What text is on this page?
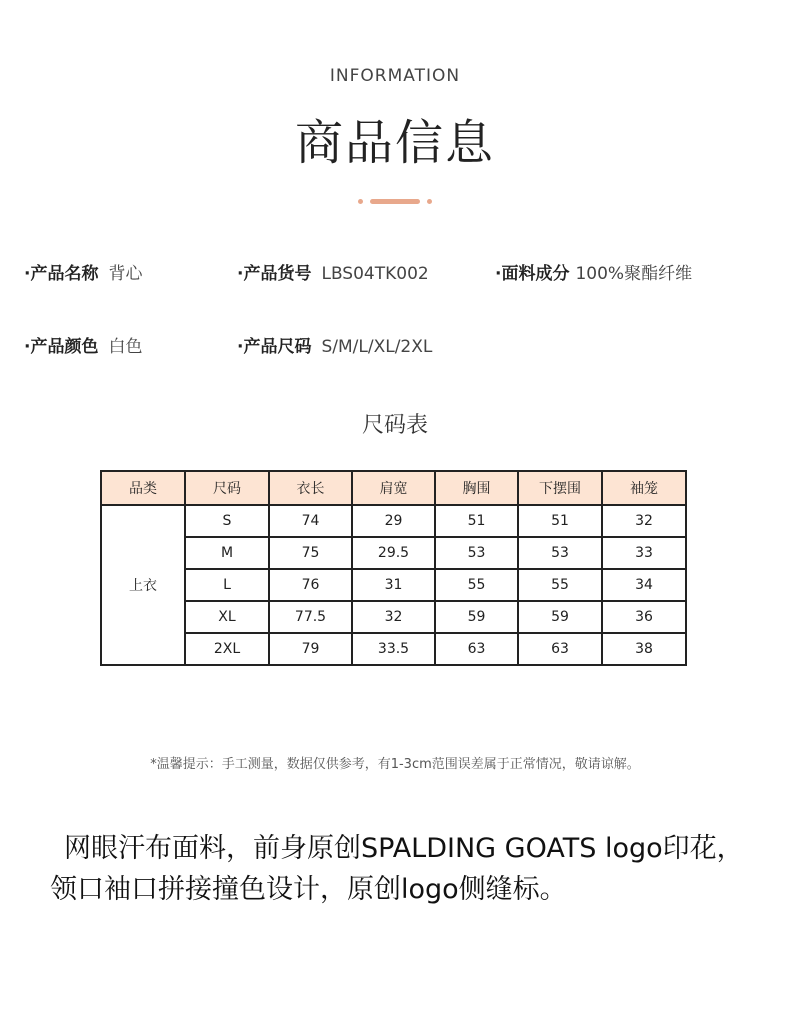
INFORMATION
商品信息
·产品名称 背心	·产品货号 LBS04TK002	·面料成分 100%聚酯纤维
·产品颜色 白色	·产品尺码 S/M/L/XL/2XL
尺码表
品类	尺码	衣长	肩宽	胸围	下摆围	袖笼
上衣	S	74	29	51	51	32
	M	75	29.5	53	53	33
	L	76	31	55	55	34
	XL	77.5	32	59	59	36
	2XL	79	33.5	63	63	38
*温馨提示：手工测量，数据仅供参考，有1-3cm范围误差属于正常情况，敬请谅解。
网眼汗布面料，前身原创SPALDING GOATS logo印花，领口袖口拼接撞色设计，原创logo侧缝标。
